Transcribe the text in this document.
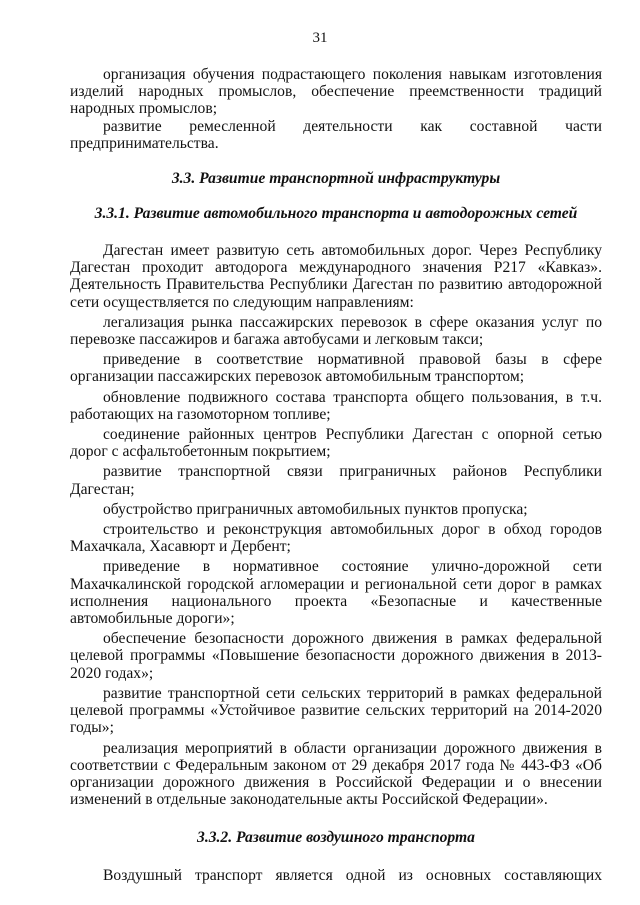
31

организация обучения подрастающего поколения навыкам изготовления изделий народных промыслов, обеспечение преемственности традиций народных промыслов;

развитие ремесленной деятельности как составной части предпринимательства.

3.3. Развитие транспортной инфраструктуры

3.3.1. Развитие автомобильного транспорта и автодорожных сетей

Дагестан имеет развитую сеть автомобильных дорог. Через Республику Дагестан проходит автодорога международного значения Р217 «Кавказ». Деятельность Правительства Республики Дагестан по развитию автодорожной сети осуществляется по следующим направлениям:

легализация рынка пассажирских перевозок в сфере оказания услуг по перевозке пассажиров и багажа автобусами и легковым такси;

приведение в соответствие нормативной правовой базы в сфере организации пассажирских перевозок автомобильным транспортом;

обновление подвижного состава транспорта общего пользования, в т.ч. работающих на газомоторном топливе;

соединение районных центров Республики Дагестан с опорной сетью дорог с асфальтобетонным покрытием;

развитие транспортной связи приграничных районов Республики Дагестан;

обустройство приграничных автомобильных пунктов пропуска;

строительство и реконструкция автомобильных дорог в обход городов Махачкала, Хасавюрт и Дербент;

приведение в нормативное состояние улично-дорожной сети Махачкалинской городской агломерации и региональной сети дорог в рамках исполнения национального проекта «Безопасные и качественные автомобильные дороги»;

обеспечение безопасности дорожного движения в рамках федеральной целевой программы «Повышение безопасности дорожного движения в 2013-2020 годах»;

развитие транспортной сети сельских территорий в рамках федеральной целевой программы «Устойчивое развитие сельских территорий на 2014-2020 годы»;

реализация мероприятий в области организации дорожного движения в соответствии с Федеральным законом от 29 декабря 2017 года № 443-ФЗ «Об организации дорожного движения в Российской Федерации и о внесении изменений в отдельные законодательные акты Российской Федерации».

3.3.2. Развитие воздушного транспорта

Воздушный транспорт является одной из основных составляющих
